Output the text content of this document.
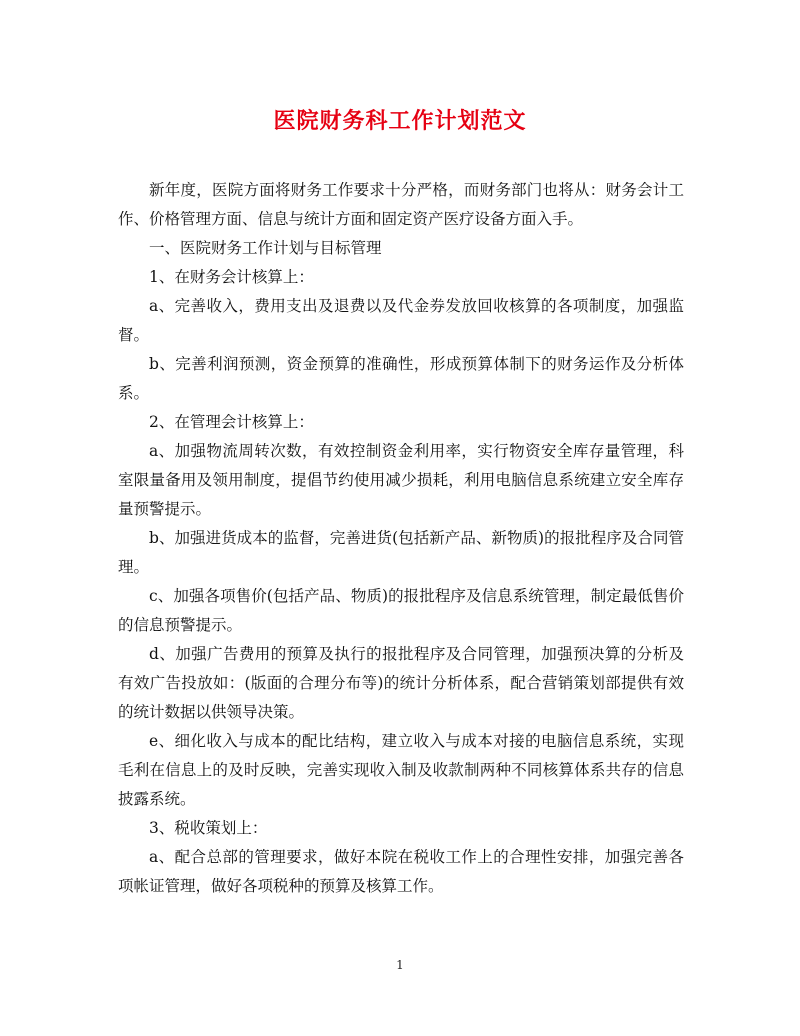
医院财务科工作计划范文

新年度，医院方面将财务工作要求十分严格，而财务部门也将从：财务会计工作、价格管理方面、信息与统计方面和固定资产医疗设备方面入手。

一、医院财务工作计划与目标管理

1、在财务会计核算上：

a、完善收入，费用支出及退费以及代金券发放回收核算的各项制度，加强监督。

b、完善利润预测，资金预算的准确性，形成预算体制下的财务运作及分析体系。

2、在管理会计核算上：

a、加强物流周转次数，有效控制资金利用率，实行物资安全库存量管理，科室限量备用及领用制度，提倡节约使用减少损耗，利用电脑信息系统建立安全库存量预警提示。

b、加强进货成本的监督，完善进货(包括新产品、新物质)的报批程序及合同管理。

c、加强各项售价(包括产品、物质)的报批程序及信息系统管理，制定最低售价的信息预警提示。

d、加强广告费用的预算及执行的报批程序及合同管理，加强预决算的分析及有效广告投放如：(版面的合理分布等)的统计分析体系，配合营销策划部提供有效的统计数据以供领导决策。

e、细化收入与成本的配比结构，建立收入与成本对接的电脑信息系统，实现毛利在信息上的及时反映，完善实现收入制及收款制两种不同核算体系共存的信息披露系统。

3、税收策划上：

a、配合总部的管理要求，做好本院在税收工作上的合理性安排，加强完善各项帐证管理，做好各项税种的预算及核算工作。

1
